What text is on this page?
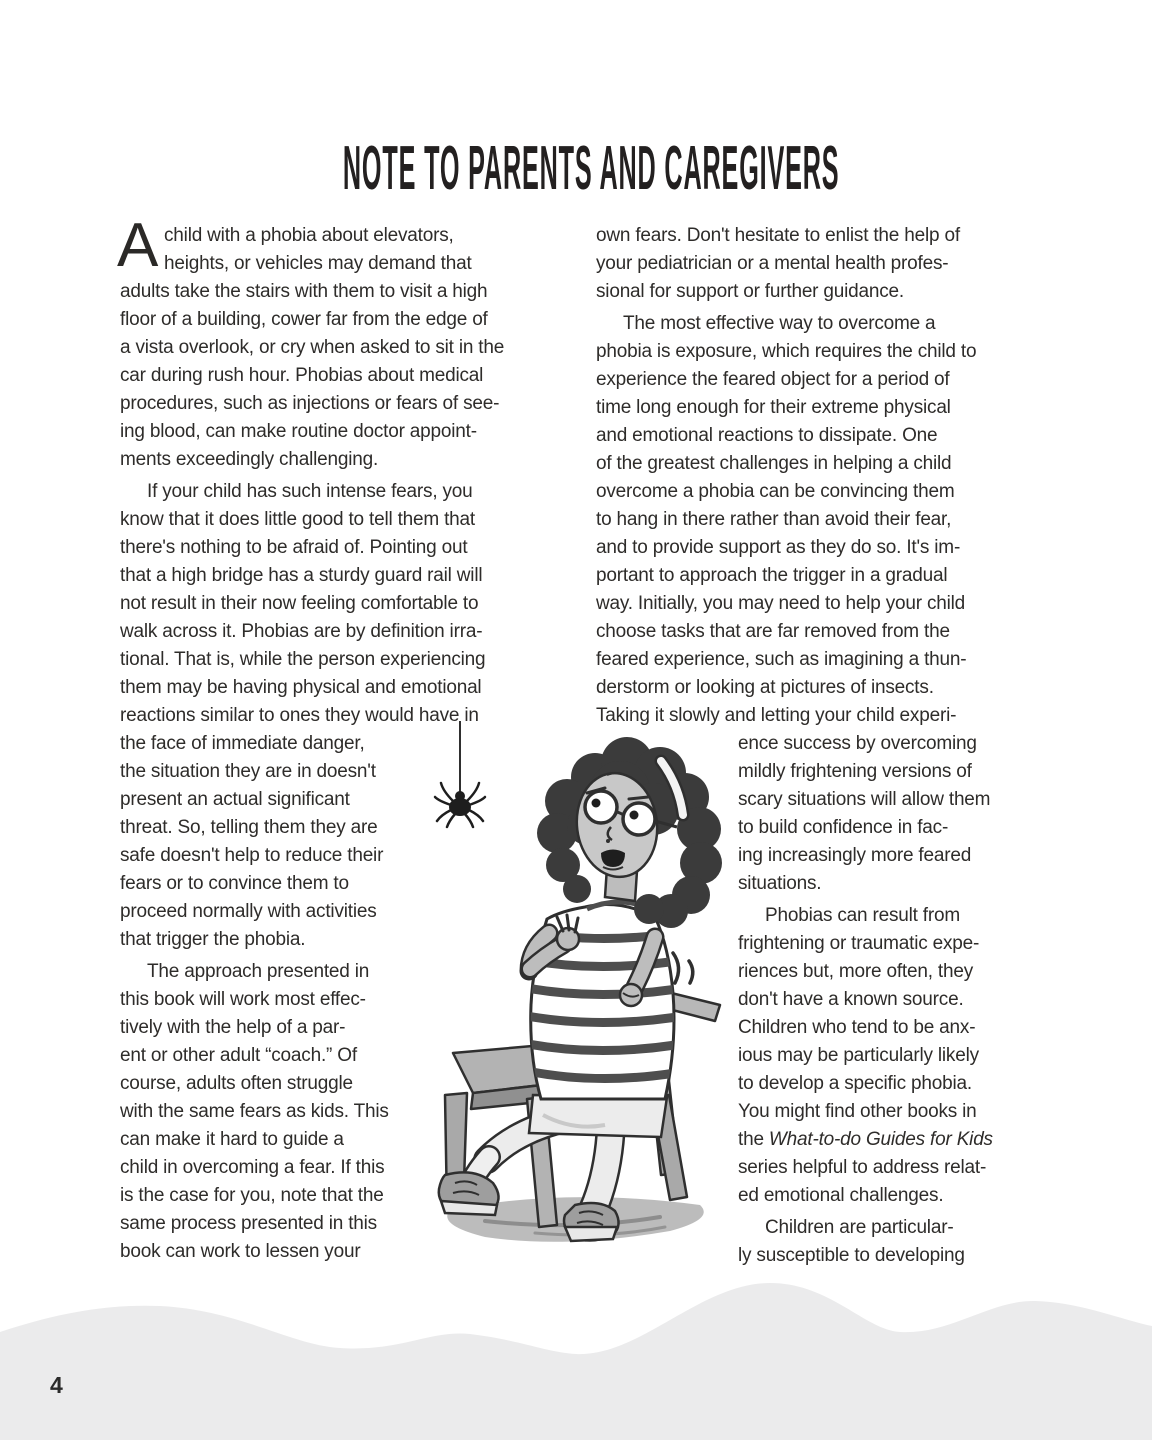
NOTE TO PARENTS AND CAREGIVERS
A child with a phobia about elevators,
heights, or vehicles may demand that
adults take the stairs with them to visit a high
floor of a building, cower far from the edge of
a vista overlook, or cry when asked to sit in the
car during rush hour. Phobias about medical
procedures, such as injections or fears of see-
ing blood, can make routine doctor appoint-
ments exceedingly challenging.
If your child has such intense fears, you
know that it does little good to tell them that
there's nothing to be afraid of. Pointing out
that a high bridge has a sturdy guard rail will
not result in their now feeling comfortable to
walk across it. Phobias are by definition irra-
tional. That is, while the person experiencing
them may be having physical and emotional
reactions similar to ones they would have in
the face of immediate danger,
the situation they are in doesn't
present an actual significant
threat. So, telling them they are
safe doesn't help to reduce their
fears or to convince them to
proceed normally with activities
that trigger the phobia.
The approach presented in
this book will work most effec-
tively with the help of a par-
ent or other adult “coach.” Of
course, adults often struggle
with the same fears as kids. This
can make it hard to guide a
child in overcoming a fear. If this
is the case for you, note that the
same process presented in this
book can work to lessen your
own fears. Don't hesitate to enlist the help of
your pediatrician or a mental health profes-
sional for support or further guidance.
The most effective way to overcome a
phobia is exposure, which requires the child to
experience the feared object for a period of
time long enough for their extreme physical
and emotional reactions to dissipate. One
of the greatest challenges in helping a child
overcome a phobia can be convincing them
to hang in there rather than avoid their fear,
and to provide support as they do so. It's im-
portant to approach the trigger in a gradual
way. Initially, you may need to help your child
choose tasks that are far removed from the
feared experience, such as imagining a thun-
derstorm or looking at pictures of insects.
Taking it slowly and letting your child experi-
ence success by overcoming
mildly frightening versions of
scary situations will allow them
to build confidence in fac-
ing increasingly more feared
situations.
Phobias can result from
frightening or traumatic expe-
riences but, more often, they
don't have a known source.
Children who tend to be anx-
ious may be particularly likely
to develop a specific phobia.
You might find other books in
the What-to-do Guides for Kids
series helpful to address relat-
ed emotional challenges.
Children are particular-
ly susceptible to developing
4
